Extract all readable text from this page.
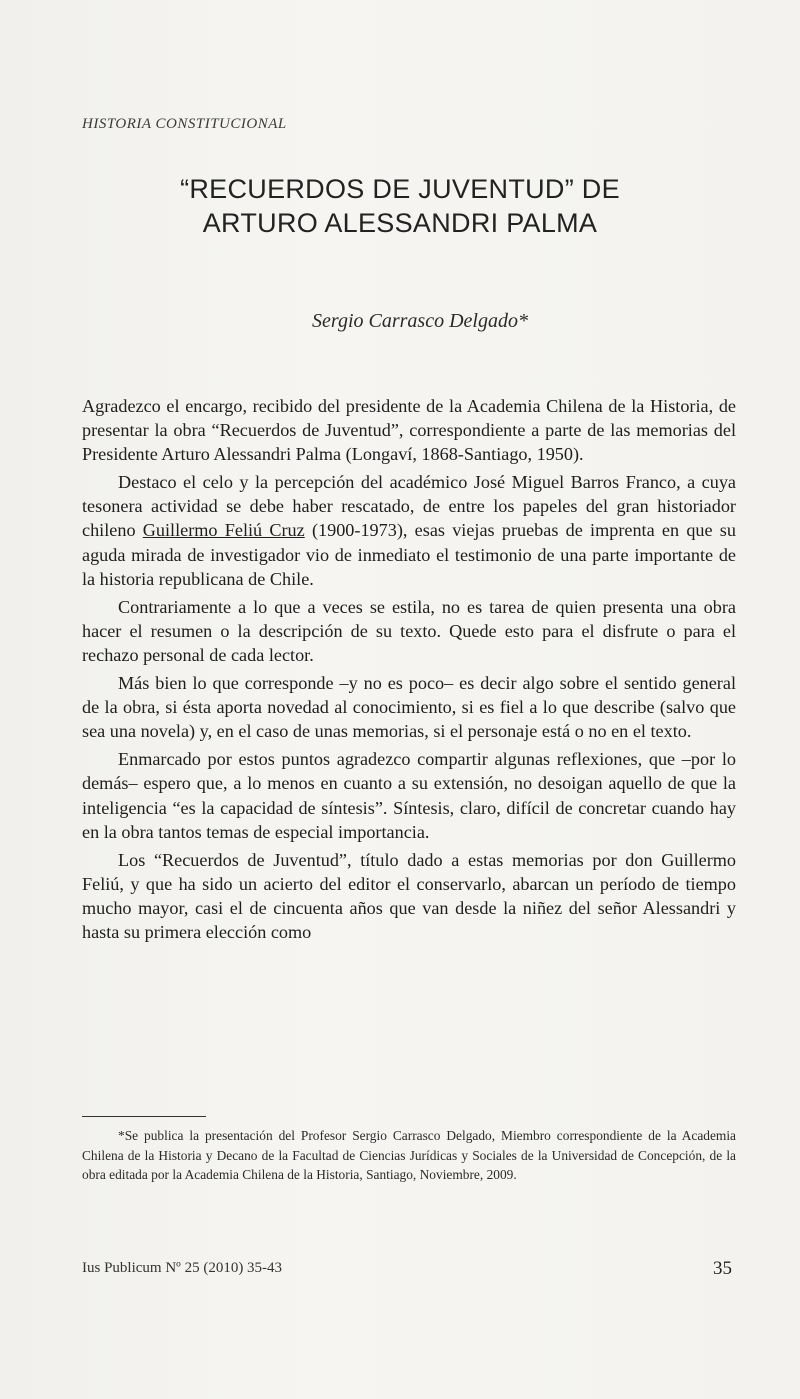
HISTORIA CONSTITUCIONAL
“RECUERDOS DE JUVENTUD” DE
ARTURO ALESSANDRI PALMA
Sergio Carrasco Delgado*

Agradezco el encargo, recibido del presidente de la Academia Chilena de la Historia, de presentar la obra “Recuerdos de Juventud”, correspondiente a parte de las memorias del Presidente Arturo Alessandri Palma (Longaví, 1868-Santiago, 1950).

Destaco el celo y la percepción del académico José Miguel Barros Franco, a cuya tesonera actividad se debe haber rescatado, de entre los papeles del gran historiador chileno Guillermo Feliú Cruz (1900-1973), esas viejas pruebas de imprenta en que su aguda mirada de investigador vio de inmediato el testimonio de una parte importante de la historia republicana de Chile.

Contrariamente a lo que a veces se estila, no es tarea de quien presenta una obra hacer el resumen o la descripción de su texto. Quede esto para el disfrute o para el rechazo personal de cada lector.

Más bien lo que corresponde –y no es poco– es decir algo sobre el sentido general de la obra, si ésta aporta novedad al conocimiento, si es fiel a lo que describe (salvo que sea una novela) y, en el caso de unas memorias, si el personaje está o no en el texto.

Enmarcado por estos puntos agradezco compartir algunas reflexiones, que –por lo demás– espero que, a lo menos en cuanto a su extensión, no desoigan aquello de que la inteligencia “es la capacidad de síntesis”. Síntesis, claro, difícil de concretar cuando hay en la obra tantos temas de especial importancia.

Los “Recuerdos de Juventud”, título dado a estas memorias por don Guillermo Feliú, y que ha sido un acierto del editor el conservarlo, abarcan un período de tiempo mucho mayor, casi el de cincuenta años que van desde la niñez del señor Alessandri y hasta su primera elección como

*Se publica la presentación del Profesor Sergio Carrasco Delgado, Miembro correspondiente de la Academia Chilena de la Historia y Decano de la Facultad de Ciencias Jurídicas y Sociales de la Universidad de Concepción, de la obra editada por la Academia Chilena de la Historia, Santiago, Noviembre, 2009.

Ius Publicum Nº 25 (2010) 35-43	35
